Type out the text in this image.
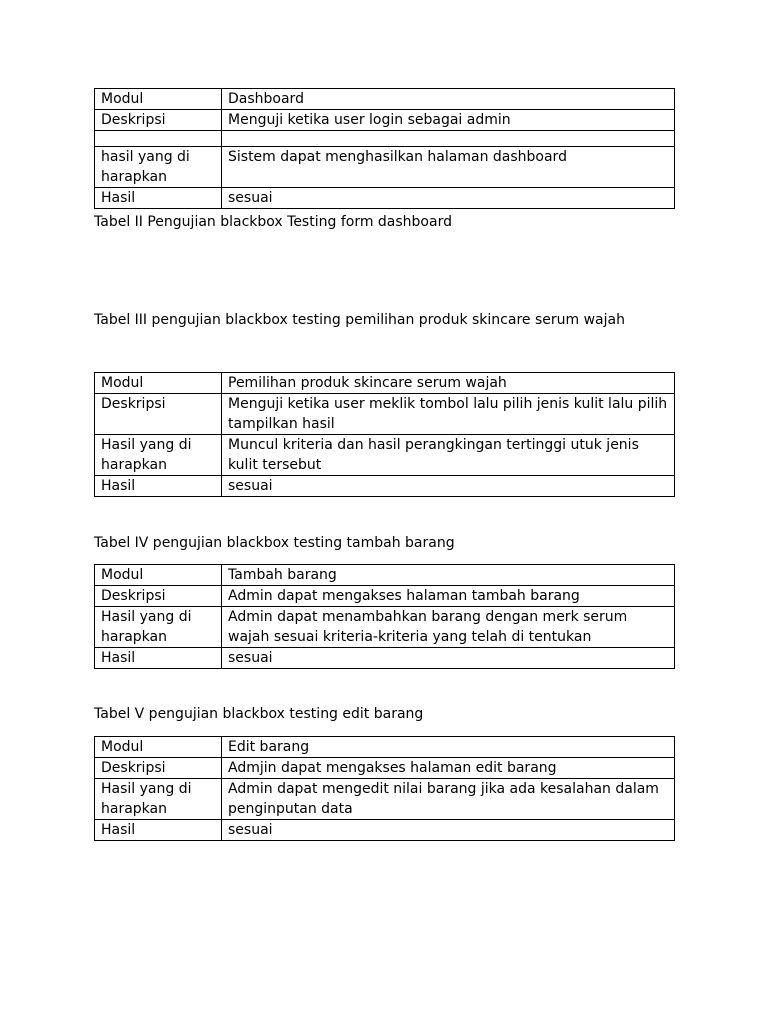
Modul	Dashboard
Deskripsi	Menguji ketika user login sebagai admin

hasil yang di harapkan	Sistem dapat menghasilkan halaman dashboard
Hasil	sesuai
Tabel II Pengujian blackbox Testing form dashboard
Tabel III pengujian blackbox testing pemilihan produk skincare serum wajah
Modul	Pemilihan produk skincare serum wajah
Deskripsi	Menguji ketika user meklik tombol lalu pilih jenis kulit lalu pilih tampilkan hasil
Hasil yang di harapkan	Muncul kriteria dan hasil perangkingan tertinggi utuk jenis kulit tersebut
Hasil	sesuai
Tabel IV pengujian blackbox testing tambah barang
Modul	Tambah barang
Deskripsi	Admin dapat mengakses halaman tambah barang
Hasil yang di harapkan	Admin dapat menambahkan barang dengan merk serum wajah sesuai kriteria-kriteria yang telah di tentukan
Hasil	sesuai
Tabel V pengujian blackbox testing edit barang
Modul	Edit barang
Deskripsi	Admjin dapat mengakses halaman edit barang
Hasil yang di harapkan	Admin dapat mengedit nilai barang jika ada kesalahan dalam penginputan data
Hasil	sesuai
